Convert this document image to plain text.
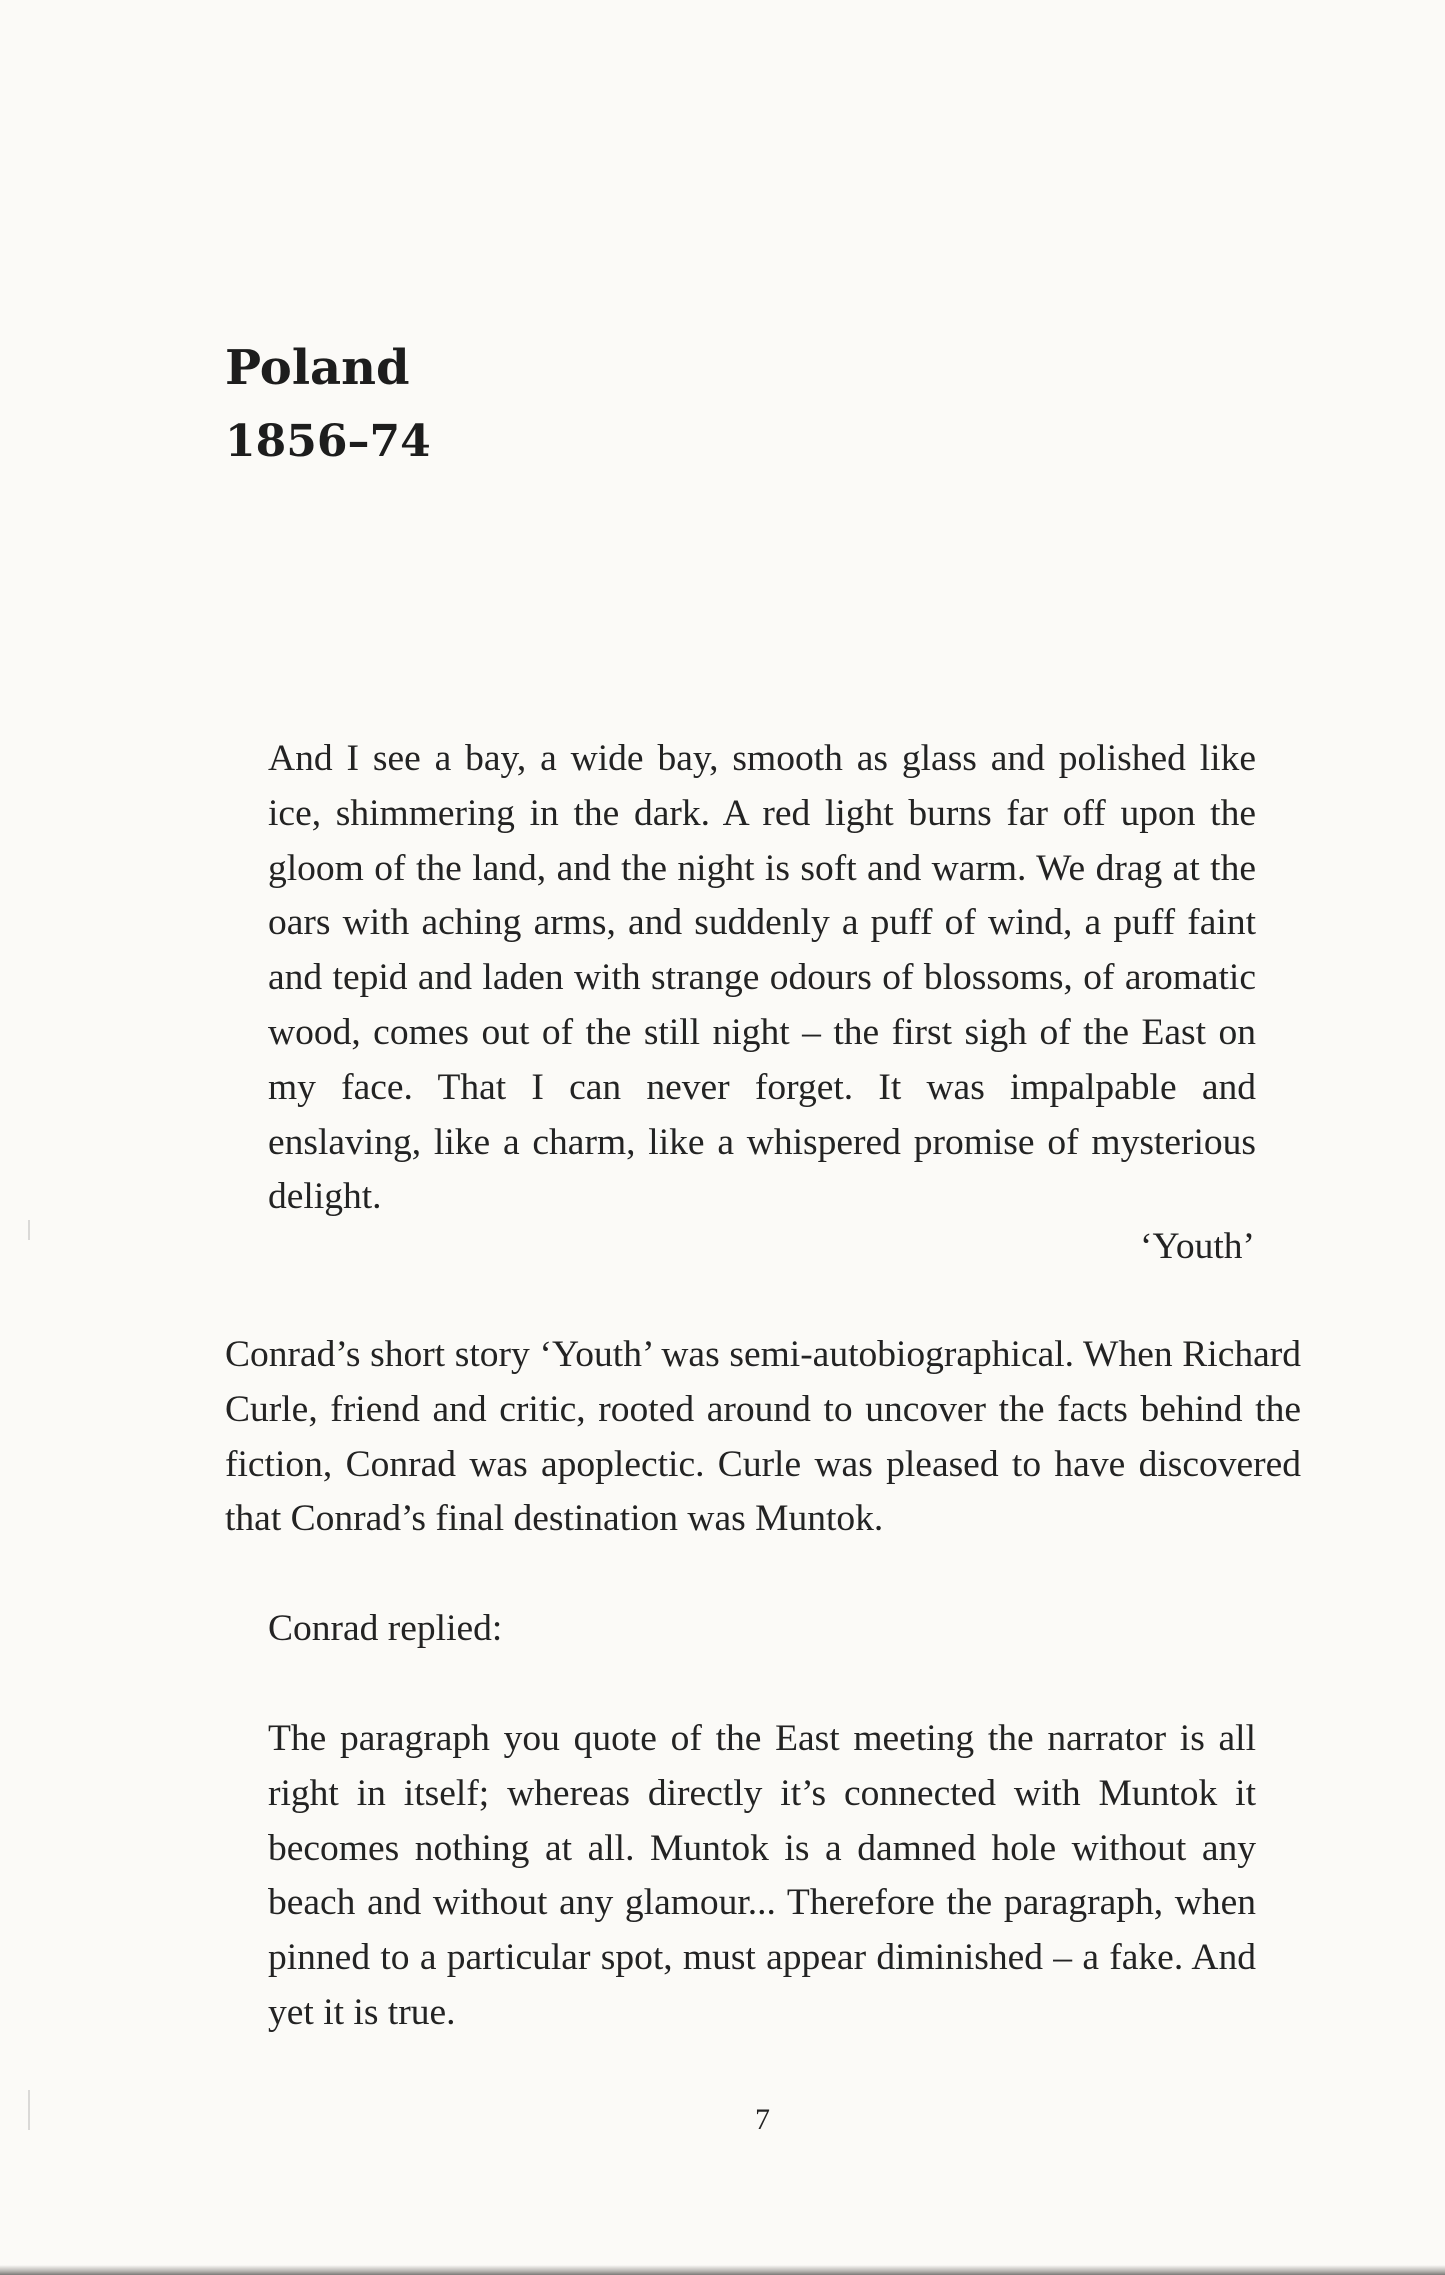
Poland
1856–74

And I see a bay, a wide bay, smooth as glass and polished like ice, shimmering in the dark. A red light burns far off upon the gloom of the land, and the night is soft and warm. We drag at the oars with aching arms, and suddenly a puff of wind, a puff faint and tepid and laden with strange odours of blossoms, of aromatic wood, comes out of the still night – the first sigh of the East on my face. That I can never forget. It was impalpable and enslaving, like a charm, like a whispered promise of mysterious delight.

‘Youth’

Conrad’s short story ‘Youth’ was semi-autobiographical. When Richard Curle, friend and critic, rooted around to uncover the facts behind the fiction, Conrad was apoplectic. Curle was pleased to have discovered that Conrad’s final destination was Muntok.

Conrad replied:

The paragraph you quote of the East meeting the narrator is all right in itself; whereas directly it’s connected with Muntok it becomes nothing at all. Muntok is a damned hole without any beach and without any glamour... Therefore the paragraph, when pinned to a particular spot, must appear diminished – a fake. And yet it is true.

7
